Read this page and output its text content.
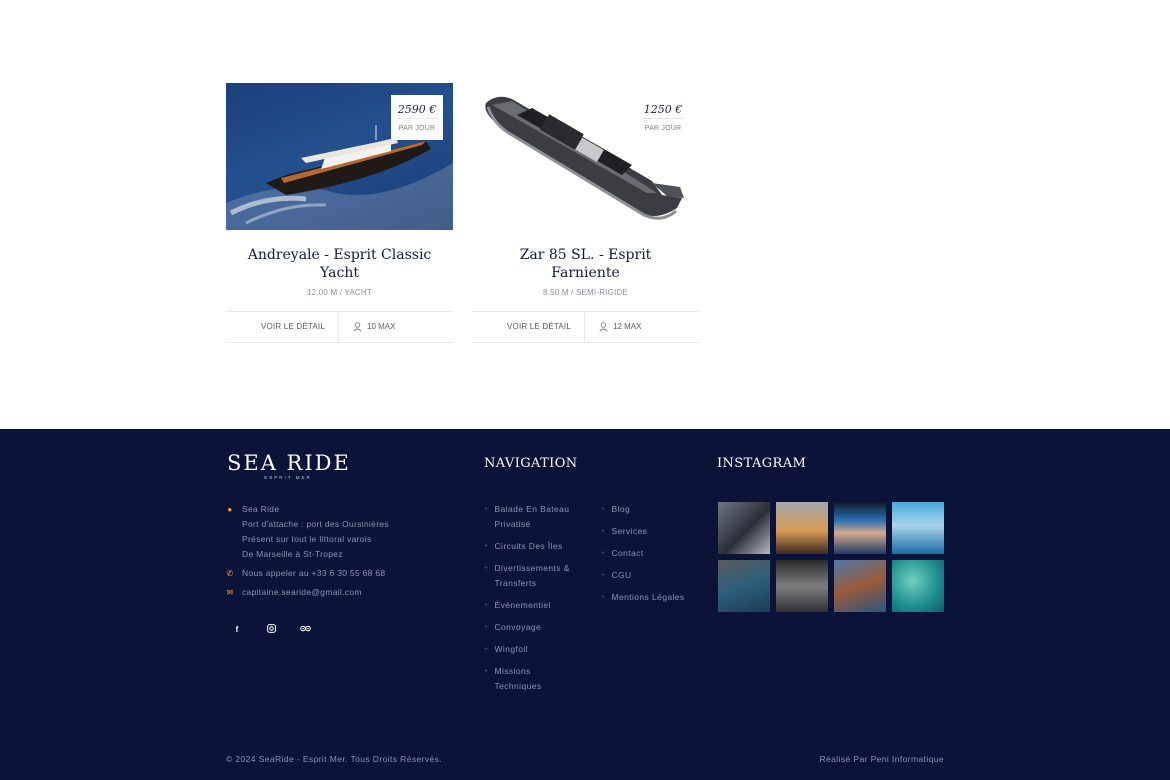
2590 €
PAR JOUR
Andreyale - Esprit Classic Yacht
12.00 M / YACHT
VOIR LE DÉTAIL	10 MAX
1250 €
PAR JOUR
Zar 85 SL. - Esprit Farniente
8.50 M / SEMI-RIGIDE
VOIR LE DÉTAIL	12 MAX
SEA RIDE
ESPRIT MER
● Sea Ride
Port d'attache : port des Oursinières
Présent sur tout le littoral varois
De Marseille à St-Tropez
✆ Nous appeler au +33 6 30 55 68 68
✉ capitaine.searide@gmail.com
f
NAVIGATION
+ Balade En Bateau Privatisé
+ Circuits Des Îles
+ Divertissements & Transferts
+ Évènementiel
+ Convoyage
+ Wingfoil
+ Missions Techniques
+ Blog
+ Services
+ Contact
+ CGU
+ Mentions Légales
INSTAGRAM
© 2024 SeaRide - Esprit Mer. Tous Droits Réservés.	Réalisé Par Peni Informatique
